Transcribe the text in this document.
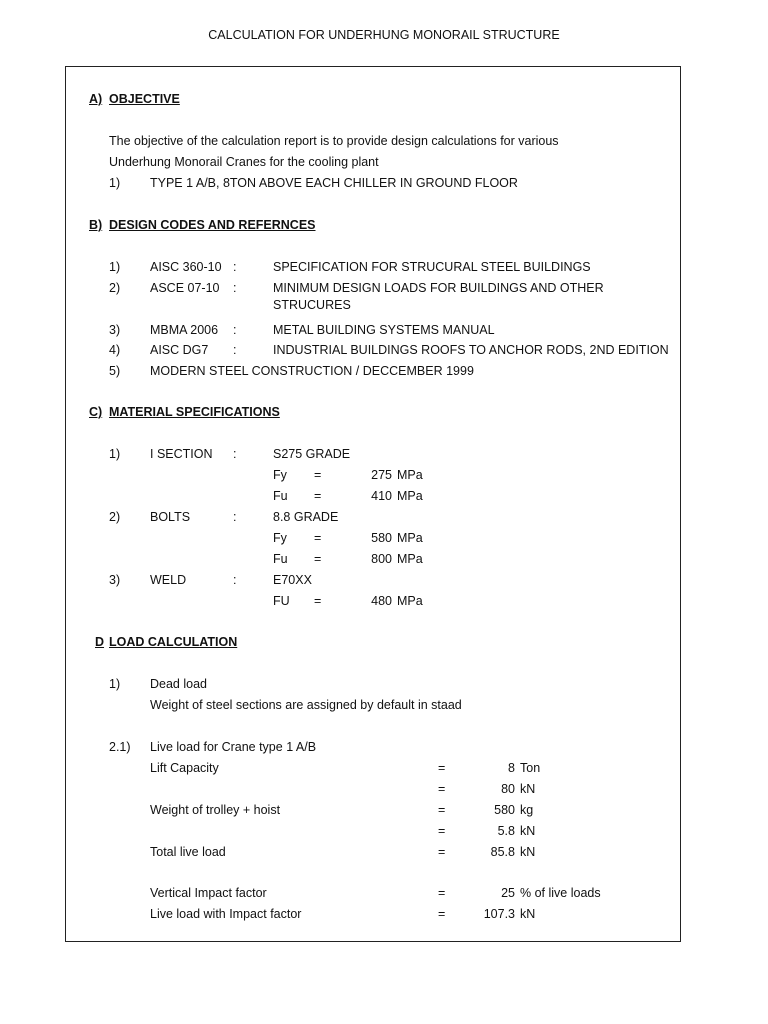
CALCULATION FOR UNDERHUNG MONORAIL STRUCTURE
A) OBJECTIVE
The objective of the calculation report is to provide design calculations for various
Underhung Monorail Cranes for the cooling plant
1) TYPE 1 A/B, 8TON ABOVE EACH CHILLER IN GROUND FLOOR
B) DESIGN CODES AND REFERNCES
1) AISC 360-10 :	SPECIFICATION FOR STRUCURAL STEEL BUILDINGS
2) ASCE 07-10 :	MINIMUM DESIGN LOADS FOR BUILDINGS AND OTHER
STRUCURES
3) MBMA 2006 :	METAL BUILDING SYSTEMS MANUAL
4) AISC DG7 :	INDUSTRIAL BUILDINGS ROOFS TO ANCHOR RODS, 2ND EDITION
5) MODERN STEEL CONSTRUCTION / DECCEMBER 1999
C) MATERIAL SPECIFICATIONS
1) I SECTION :	S275 GRADE
Fy =	275 MPa
Fu =	410 MPa
2) BOLTS	:	8.8 GRADE
Fy =	580 MPa
Fu =	800 MPa
3) WELD	:	E70XX
FU =	480 MPa
D LOAD CALCULATION
1) Dead load
Weight of steel sections are assigned by default in staad
2.1) Live load for Crane type 1 A/B
Lift Capacity	=	8 Ton
=	80 kN
Weight of trolley + hoist	=	580 kg
=	5.8 kN
Total live load	=	85.8 kN
Vertical Impact factor	=	25 % of live loads
Live load with Impact factor	=	107.3 kN
